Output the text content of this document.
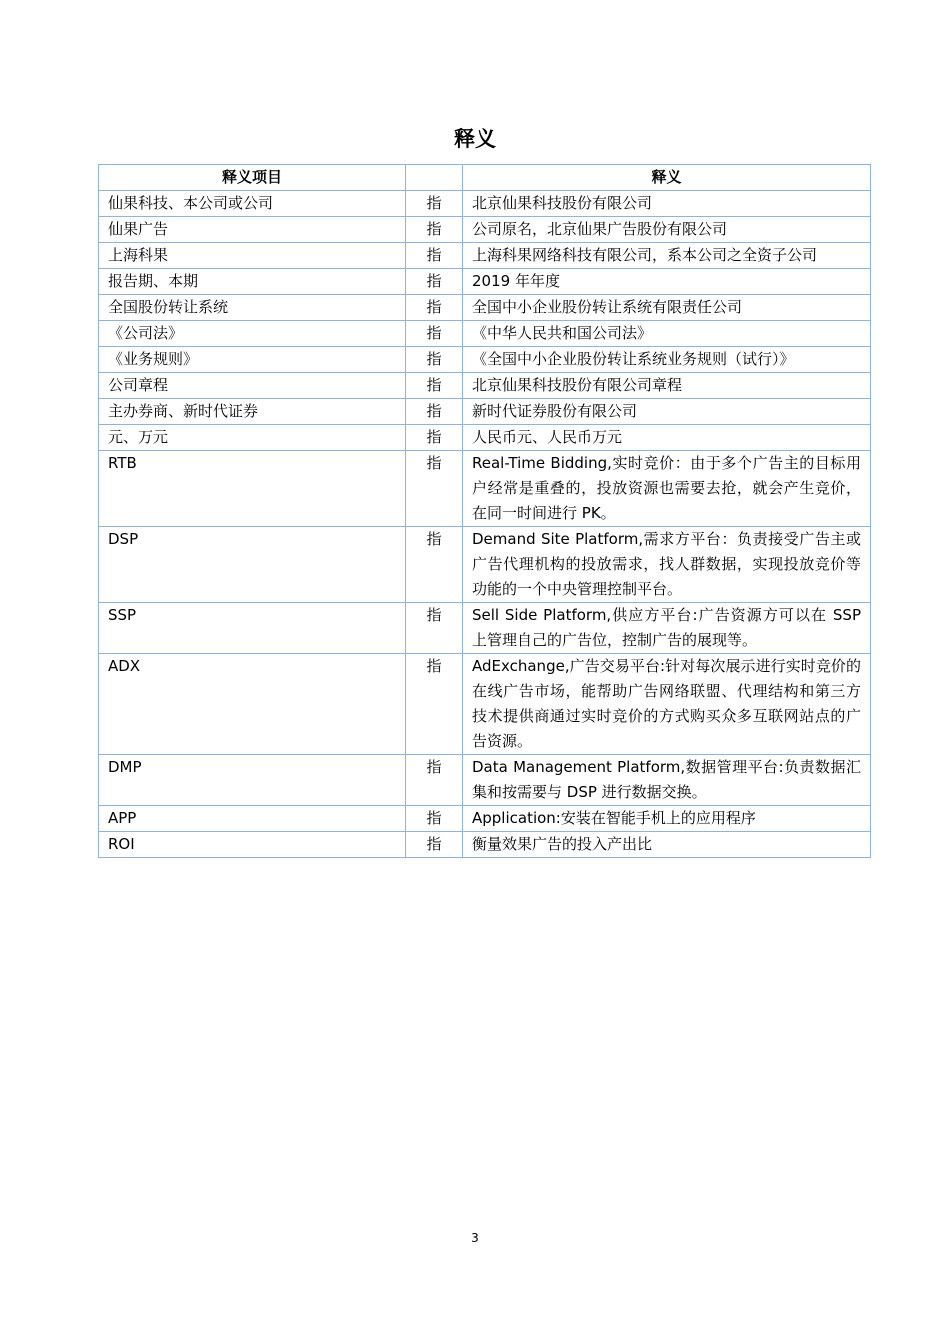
释义
释义项目		释义
仙果科技、本公司或公司	指	北京仙果科技股份有限公司
仙果广告	指	公司原名，北京仙果广告股份有限公司
上海科果	指	上海科果网络科技有限公司，系本公司之全资子公司
报告期、本期	指	2019 年年度
全国股份转让系统	指	全国中小企业股份转让系统有限责任公司
《公司法》	指	《中华人民共和国公司法》
《业务规则》	指	《全国中小企业股份转让系统业务规则（试行）》
公司章程	指	北京仙果科技股份有限公司章程
主办券商、新时代证券	指	新时代证券股份有限公司
元、万元	指	人民币元、人民币万元
RTB	指	Real-Time Bidding,实时竞价：由于多个广告主的目标用户经常是重叠的，投放资源也需要去抢，就会产生竞价，在同一时间进行 PK。
DSP	指	Demand Site Platform,需求方平台：负责接受广告主或广告代理机构的投放需求，找人群数据，实现投放竞价等功能的一个中央管理控制平台。
SSP	指	Sell Side Platform,供应方平台:广告资源方可以在 SSP 上管理自己的广告位，控制广告的展现等。
ADX	指	AdExchange,广告交易平台:针对每次展示进行实时竞价的在线广告市场，能帮助广告网络联盟、代理结构和第三方技术提供商通过实时竞价的方式购买众多互联网站点的广告资源。
DMP	指	Data Management Platform,数据管理平台:负责数据汇集和按需要与 DSP 进行数据交换。
APP	指	Application:安装在智能手机上的应用程序
ROI	指	衡量效果广告的投入产出比
3
